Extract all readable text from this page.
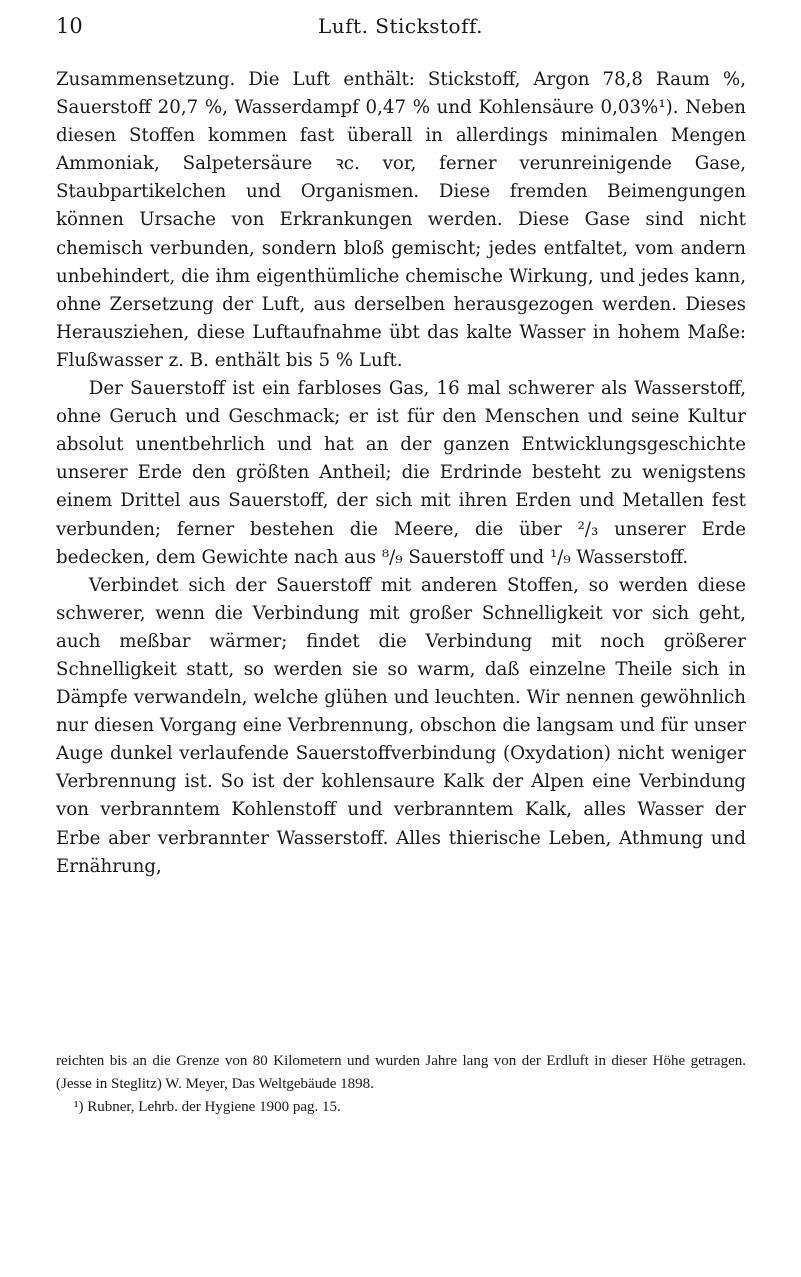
10	Luft. Stickstoff.

Zusammensetzung. Die Luft enthält: Stickstoff, Argon 78,8 Raum %, Sauerstoff 20,7 %, Wasserdampf 0,47 % und Kohlensäure 0,03%¹). Neben diesen Stoffen kommen fast überall in allerdings minimalen Mengen Ammoniak, Salpetersäure ꝛc. vor, ferner verunreinigende Gase, Staubpartikelchen und Organismen. Diese fremden Beimengungen können Ursache von Erkrankungen werden. Diese Gase sind nicht chemisch verbunden, sondern bloß gemischt; jedes entfaltet, vom andern unbehindert, die ihm eigenthümliche chemische Wirkung, und jedes kann, ohne Zersetzung der Luft, aus derselben herausgezogen werden. Dieses Herausziehen, diese Luftaufnahme übt das kalte Wasser in hohem Maße: Flußwasser z. B. enthält bis 5 % Luft.

Der Sauerstoff ist ein farbloses Gas, 16 mal schwerer als Wasserstoff, ohne Geruch und Geschmack; er ist für den Menschen und seine Kultur absolut unentbehrlich und hat an der ganzen Entwicklungsgeschichte unserer Erde den größten Antheil; die Erdrinde besteht zu wenigstens einem Drittel aus Sauerstoff, der sich mit ihren Erden und Metallen fest verbunden; ferner bestehen die Meere, die über ²/₃ unserer Erde bedecken, dem Gewichte nach aus ⁸/₉ Sauerstoff und ¹/₉ Wasserstoff.

Verbindet sich der Sauerstoff mit anderen Stoffen, so werden diese schwerer, wenn die Verbindung mit großer Schnelligkeit vor sich geht, auch meßbar wärmer; findet die Verbindung mit noch größerer Schnelligkeit statt, so werden sie so warm, daß einzelne Theile sich in Dämpfe verwandeln, welche glühen und leuchten. Wir nennen gewöhnlich nur diesen Vorgang eine Verbrennung, obschon die langsam und für unser Auge dunkel verlaufende Sauerstoffverbindung (Oxydation) nicht weniger Verbrennung ist. So ist der kohlensaure Kalk der Alpen eine Verbindung von verbranntem Kohlenstoff und verbranntem Kalk, alles Wasser der Erbe aber verbrannter Wasserstoff. Alles thierische Leben, Athmung und Ernährung,

reichten bis an die Grenze von 80 Kilometern und wurden Jahre lang von der Erdluft in dieser Höhe getragen. (Jesse in Steglitz) W. Meyer, Das Weltgebäude 1898.

¹) Rubner, Lehrb. der Hygiene 1900 pag. 15.
